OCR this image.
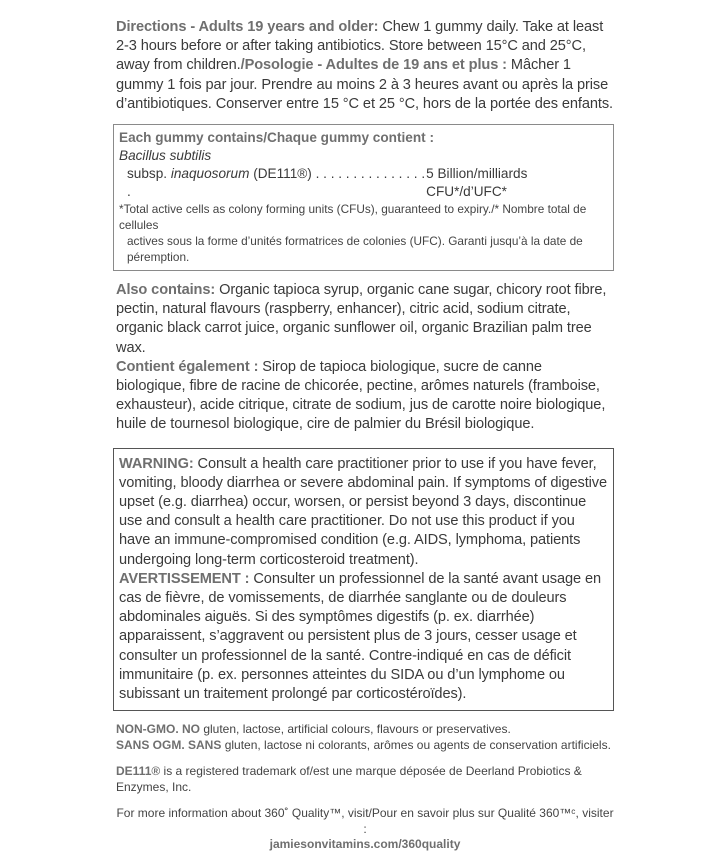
Directions - Adults 19 years and older: Chew 1 gummy daily. Take at least 2-3 hours before or after taking antibiotics. Store between 15°C and 25°C, away from children./Posologie - Adultes de 19 ans et plus : Mâcher 1 gummy 1 fois par jour. Prendre au moins 2 à 3 heures avant ou après la prise d’antibiotiques. Conserver entre 15 °C et 25 °C, hors de la portée des enfants.

Each gummy contains/Chaque gummy contient :
Bacillus subtilis
subsp. inaquosorum (DE111®) . . . . . . . . . . . . . . . .
5 Billion/milliards CFU*/d’UFC*
*Total active cells as colony forming units (CFUs), guaranteed to expiry./* Nombre total de cellules
actives sous la forme d’unités formatrices de colonies (UFC). Garanti jusqu’à la date de péremption.

Also contains: Organic tapioca syrup, organic cane sugar, chicory root fibre, pectin, natural flavours (raspberry, enhancer), citric acid, sodium citrate, organic black carrot juice, organic sunflower oil, organic Brazilian palm tree wax.
Contient également : Sirop de tapioca biologique, sucre de canne biologique, fibre de racine de chicorée, pectine, arômes naturels (framboise, exhausteur), acide citrique, citrate de sodium, jus de carotte noire biologique, huile de tournesol biologique, cire de palmier du Brésil biologique.

WARNING: Consult a health care practitioner prior to use if you have fever, vomiting, bloody diarrhea or severe abdominal pain. If symptoms of digestive upset (e.g. diarrhea) occur, worsen, or persist beyond 3 days, discontinue use and consult a health care practitioner. Do not use this product if you have an immune-compromised condition (e.g. AIDS, lymphoma, patients undergoing long-term corticosteroid treatment).
AVERTISSEMENT : Consulter un professionnel de la santé avant usage en cas de fièvre, de vomissements, de diarrhée sanglante ou de douleurs abdominales aiguës. Si des symptômes digestifs (p. ex. diarrhée) apparaissent, s’aggravent ou persistent plus de 3 jours, cesser usage et consulter un professionnel de la santé. Contre-indiqué en cas de déficit immunitaire (p. ex. personnes atteintes du SIDA ou d’un lymphome ou subissant un traitement prolongé par corticostéroïdes).

NON-GMO. NO gluten, lactose, artificial colours, flavours or preservatives.
SANS OGM. SANS gluten, lactose ni colorants, arômes ou agents de conservation artificiels.
DE111® is a registered trademark of/est une marque déposée de Deerland Probiotics & Enzymes, Inc.
For more information about 360˚ Quality™, visit/Pour en savoir plus sur Qualité 360™ᶜ, visiter :
jamiesonvitamins.com/360quality
